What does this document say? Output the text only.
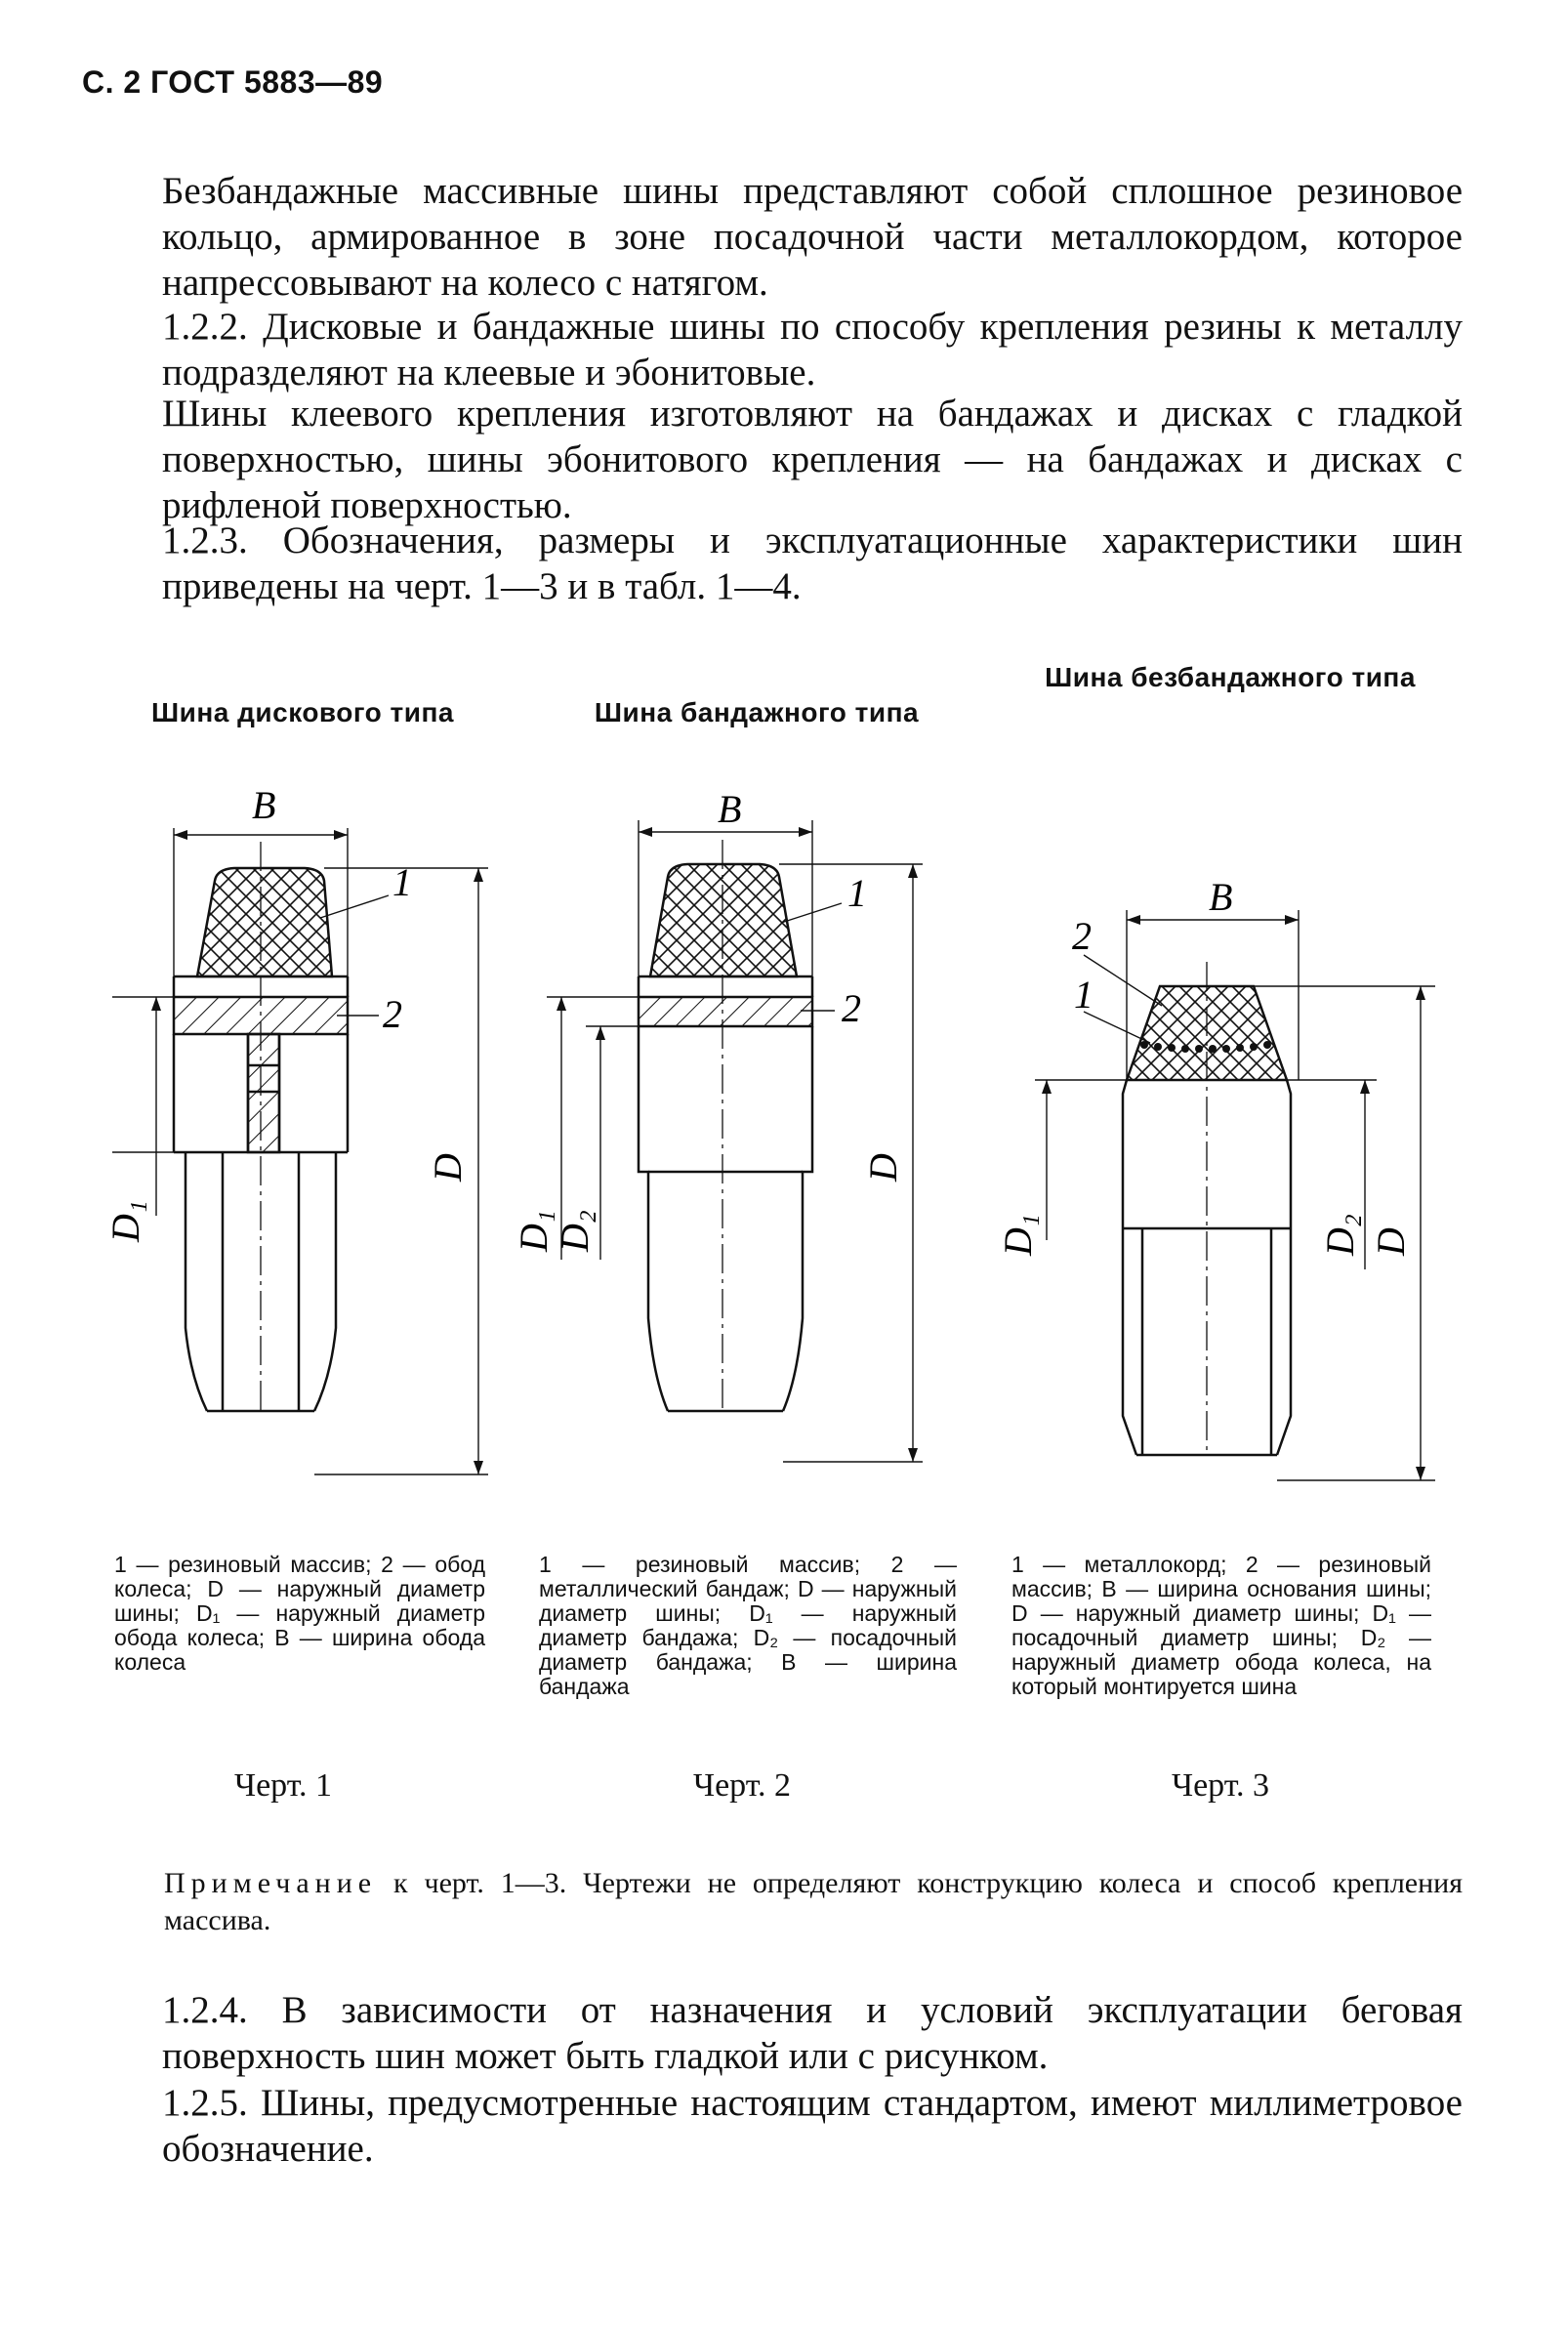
С. 2 ГОСТ 5883—89

Безбандажные массивные шины представляют собой сплошное резиновое кольцо, армированное в зоне посадочной части металлокордом, которое напрессовывают на колесо с натягом.

1.2.2. Дисковые и бандажные шины по способу крепления резины к металлу подразделяют на клеевые и эбонитовые.

Шины клеевого крепления изготовляют на бандажах и дисках с гладкой поверхностью, шины эбонитового крепления — на бандажах и дисках с рифленой поверхностью.

1.2.3. Обозначения, размеры и эксплуатационные характеристики шин приведены на черт. 1—3 и в табл. 1—4.

Шина дискового типа	Шина бандажного типа
Шина безбандажного типа
B
1
2
D
D₁
B
1
2
D
D₁
D₂
B
2
1
D
D₂
D₁
1 — резиновый массив; 2 — обод колеса; D — наружный диаметр шины; D₁ — наружный диаметр обода колеса; B — ширина обода колеса
1 — резиновый массив; 2 — металлический бандаж; D — наружный диаметр шины; D₁ — наружный диаметр бандажа; D₂ — посадочный диаметр бандажа; B — ширина бандажа
1 — металлокорд; 2 — резиновый массив; B — ширина основания шины; D — наружный диаметр шины; D₁ — посадочный диаметр шины; D₂ — наружный диаметр обода колеса, на который монтируется шина
Черт. 1	Черт. 2	Черт. 3
Примечание к черт. 1—3. Чертежи не определяют конструкцию колеса и способ крепления массива.

1.2.4. В зависимости от назначения и условий эксплуатации беговая поверхность шин может быть гладкой или с рисунком.

1.2.5. Шины, предусмотренные настоящим стандартом, имеют миллиметровое обозначение.
